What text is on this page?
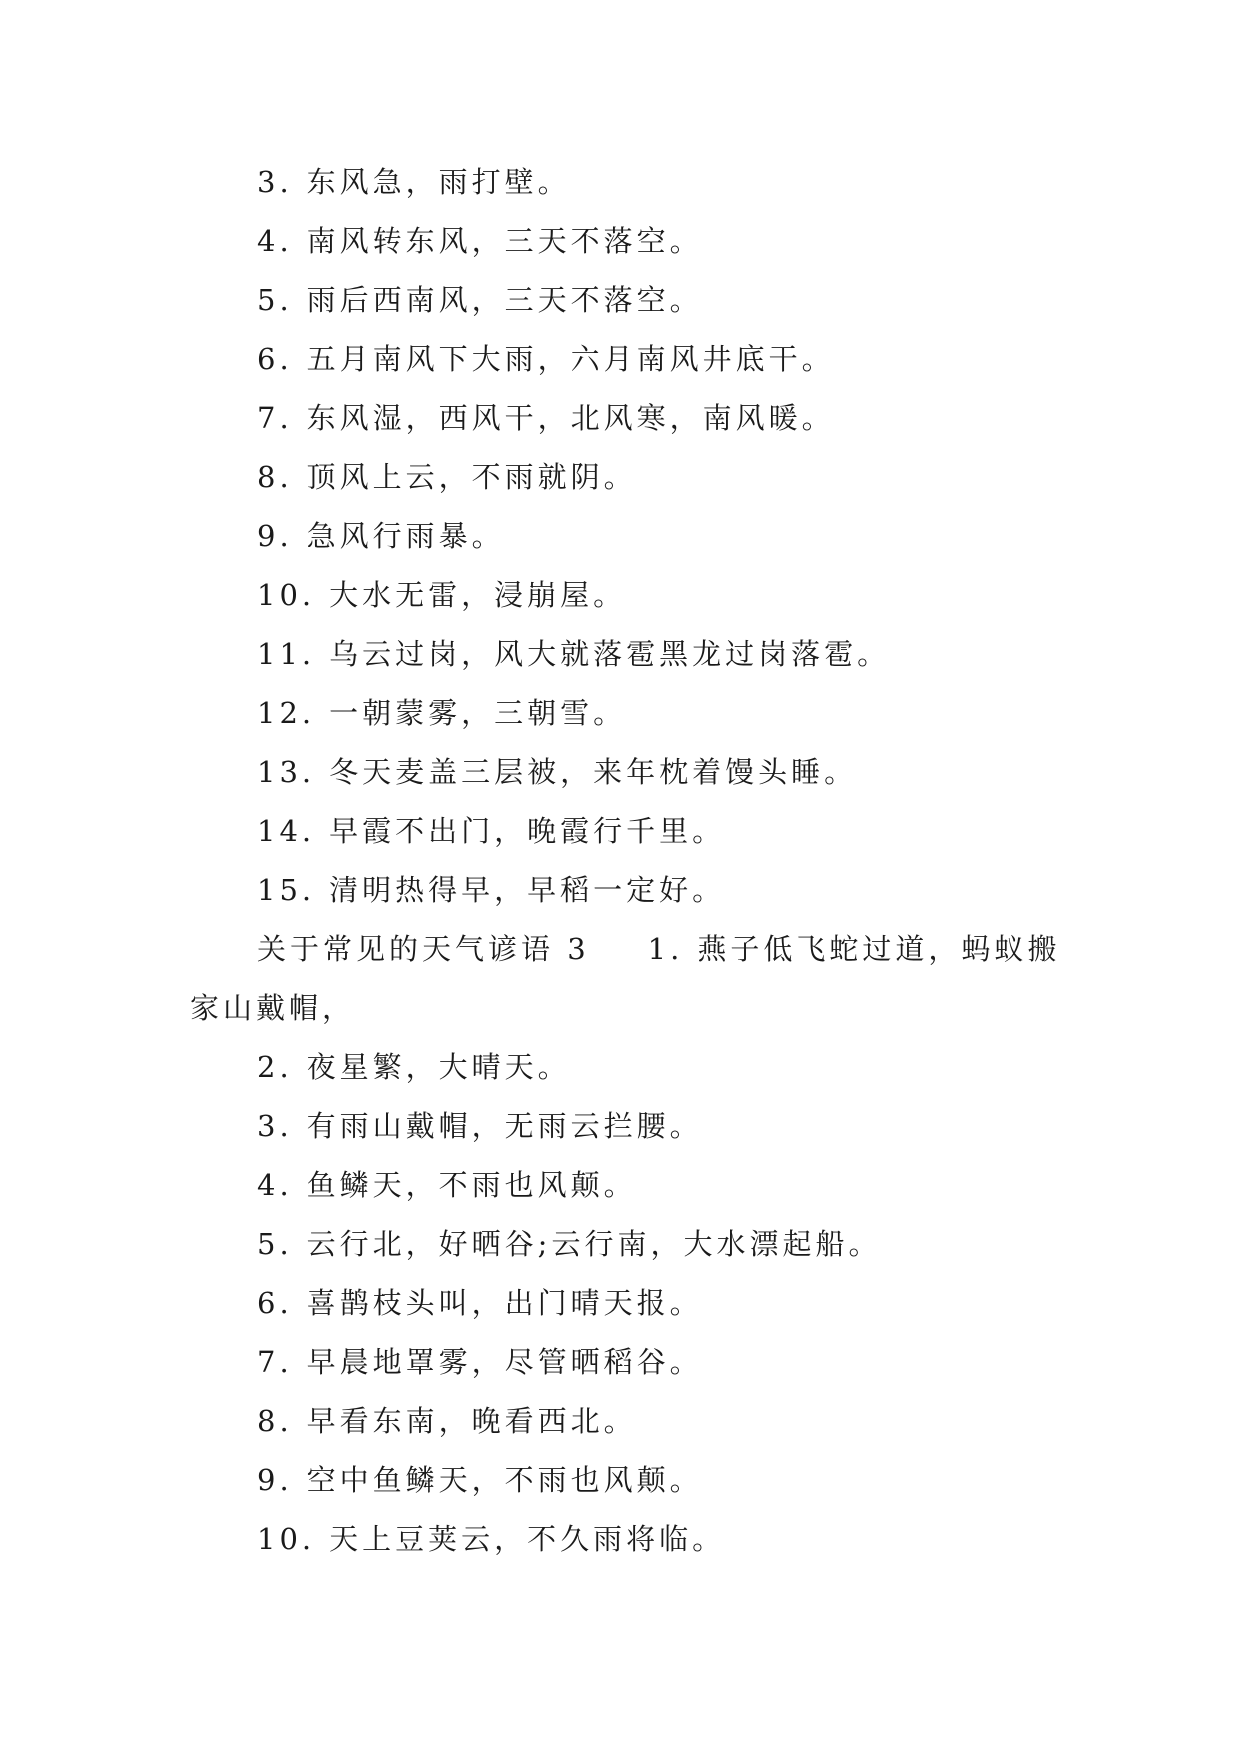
3. 东风急，雨打壁。
4. 南风转东风，三天不落空。
5. 雨后西南风，三天不落空。
6. 五月南风下大雨，六月南风井底干。
7. 东风湿，西风干，北风寒，南风暖。
8. 顶风上云，不雨就阴。
9. 急风行雨暴。
10. 大水无雷，浸崩屋。
11. 乌云过岗，风大就落雹黑龙过岗落雹。
12. 一朝蒙雾，三朝雪。
13. 冬天麦盖三层被，来年枕着馒头睡。
14. 早霞不出门，晚霞行千里。
15. 清明热得早，早稻一定好。
关于常见的天气谚语 3 1. 燕子低飞蛇过道，蚂蚁搬
家山戴帽，
2. 夜星繁，大晴天。
3. 有雨山戴帽，无雨云拦腰。
4. 鱼鳞天，不雨也风颠。
5. 云行北，好晒谷;云行南，大水漂起船。
6. 喜鹊枝头叫，出门晴天报。
7. 早晨地罩雾，尽管晒稻谷。
8. 早看东南，晚看西北。
9. 空中鱼鳞天，不雨也风颠。
10. 天上豆荚云，不久雨将临。
